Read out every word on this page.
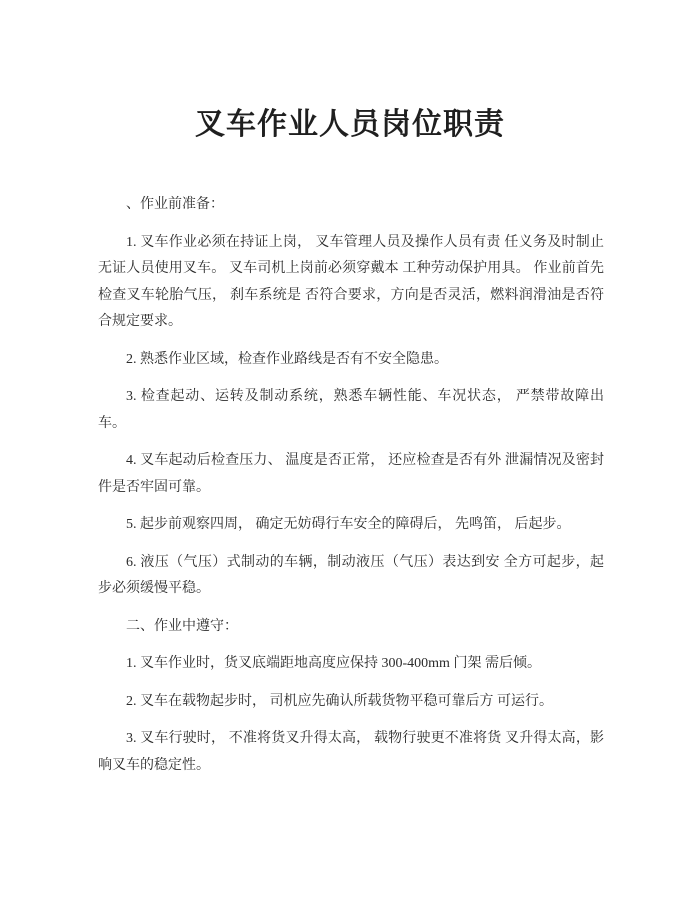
叉车作业人员岗位职责

、作业前准备：

1. 叉车作业必须在持证上岗， 叉车管理人员及操作人员有责 任义务及时制止无证人员使用叉车。 叉车司机上岗前必须穿戴本 工种劳动保护用具。 作业前首先检查叉车轮胎气压， 刹车系统是 否符合要求，方向是否灵活，燃料润滑油是否符合规定要求。

2. 熟悉作业区域，检查作业路线是否有不安全隐患。

3. 检查起动、运转及制动系统，熟悉车辆性能、车况状态， 严禁带故障出车。

4. 叉车起动后检查压力、 温度是否正常， 还应检查是否有外 泄漏情况及密封件是否牢固可靠。

5. 起步前观察四周， 确定无妨碍行车安全的障碍后， 先鸣笛， 后起步。

6. 液压（气压）式制动的车辆，制动液压（气压）表达到安 全方可起步，起步必须缓慢平稳。

二、作业中遵守：

1. 叉车作业时，货叉底端距地高度应保持 300-400mm 门架 需后倾。

2. 叉车在载物起步时， 司机应先确认所载货物平稳可靠后方 可运行。

3. 叉车行驶时， 不准将货叉升得太高， 载物行驶更不准将货 叉升得太高，影响叉车的稳定性。
